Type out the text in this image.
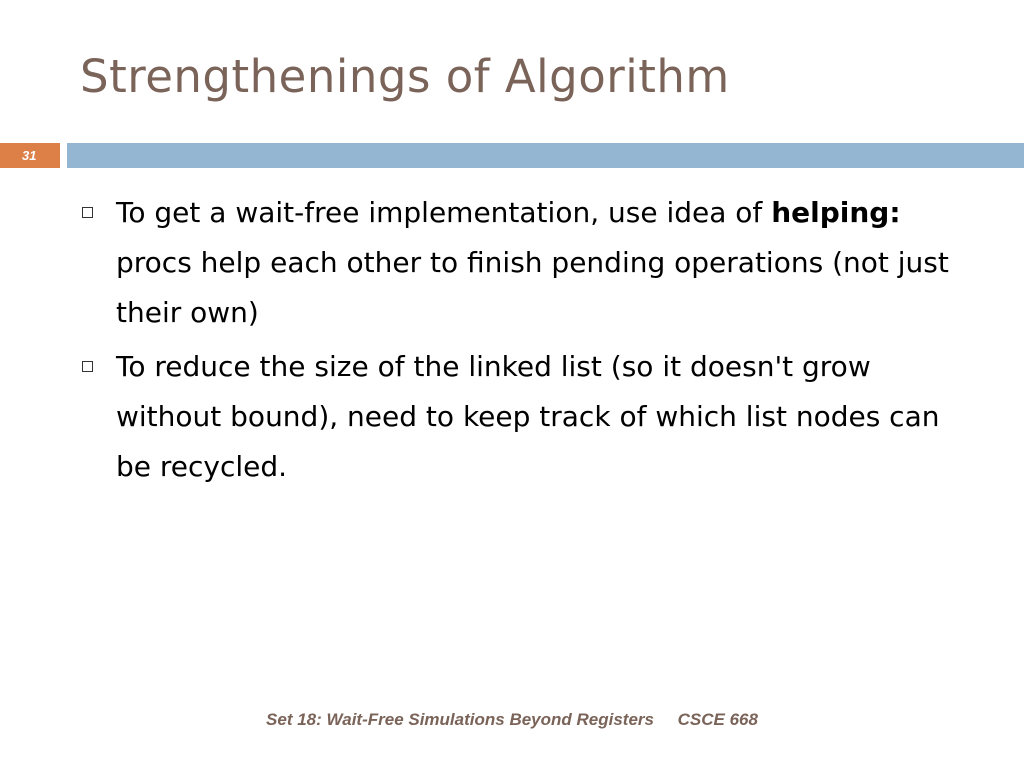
Strengthenings of Algorithm
31
To get a wait-free implementation, use idea of helping: procs help each other to finish pending operations (not just their own)
To reduce the size of the linked list (so it doesn't grow without bound), need to keep track of which list nodes can be recycled.
Set 18: Wait-Free Simulations Beyond Registers CSCE 668
